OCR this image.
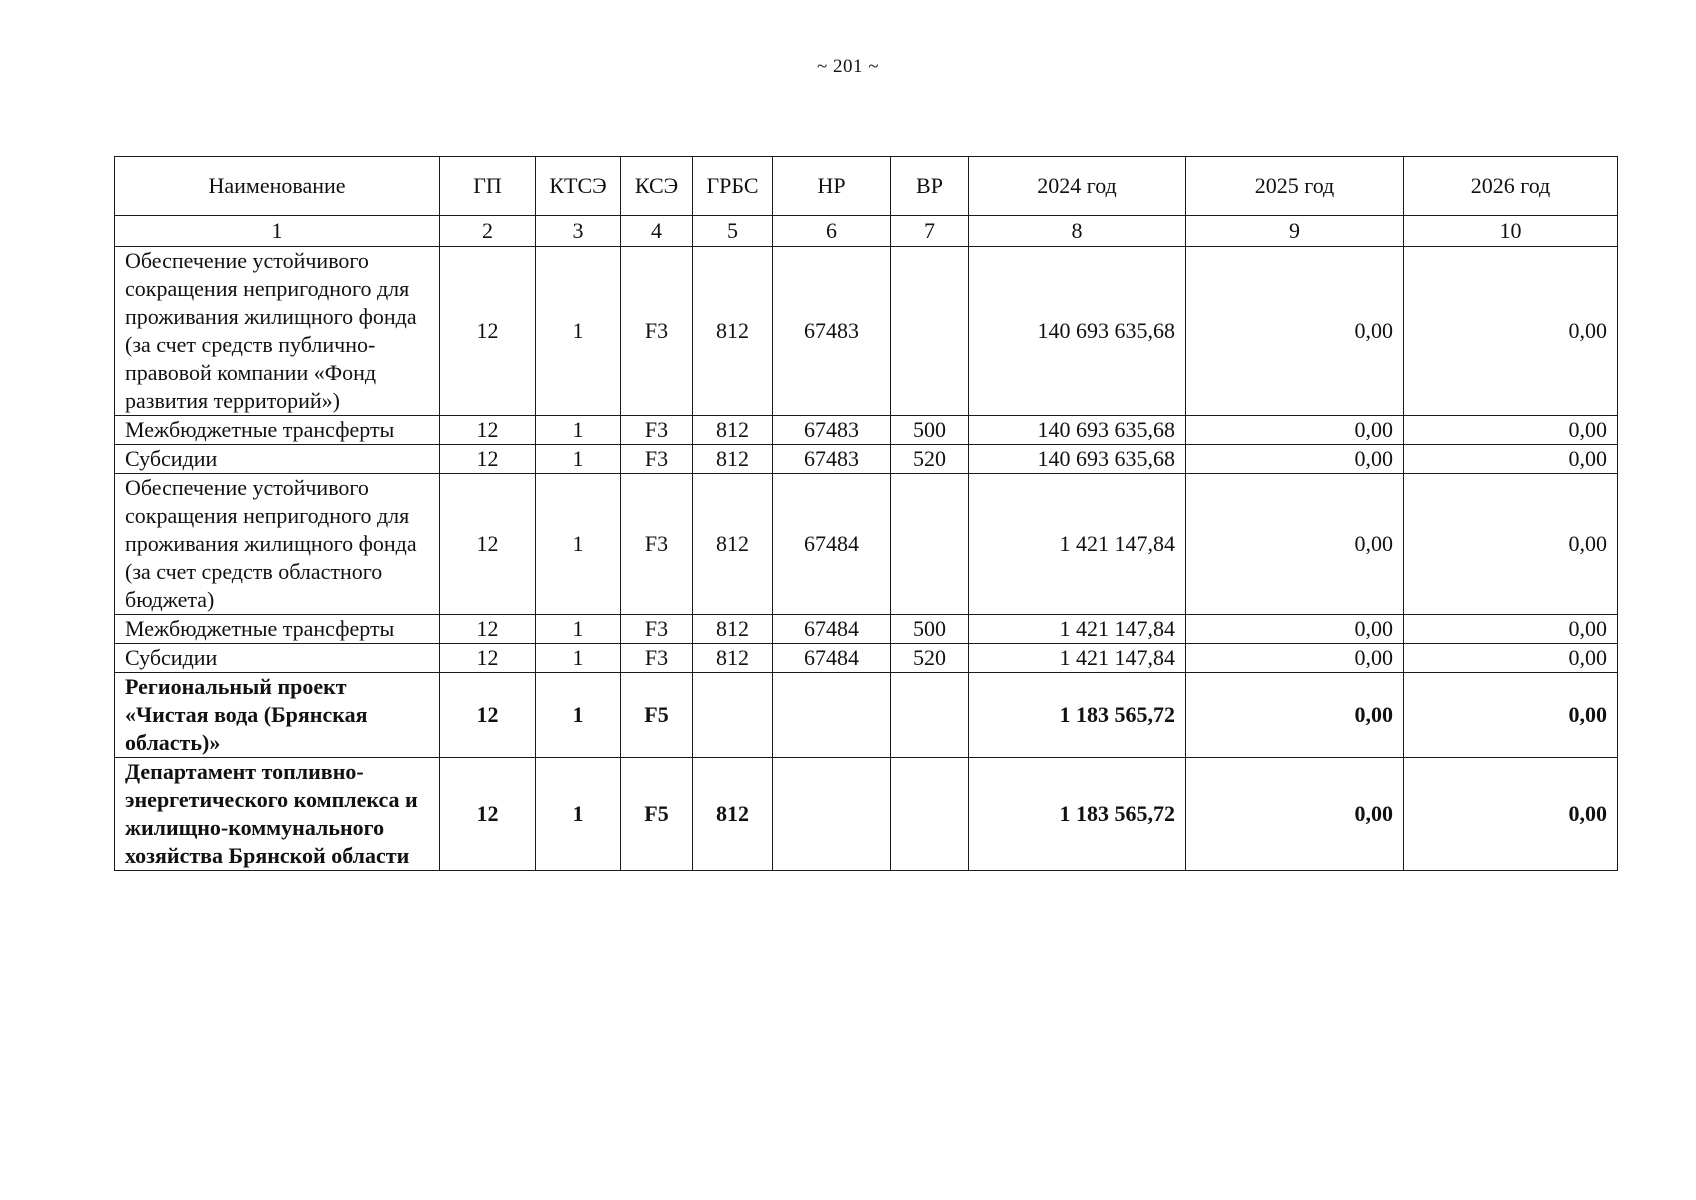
~ 201 ~
Наименование	ГП	КТСЭ	КСЭ	ГРБС	НР	ВР	2024 год	2025 год	2026 год
1	2	3	4	5	6	7	8	9	10
Обеспечение устойчивого сокращения непригодного для проживания жилищного фонда (за счет средств публично-правовой компании «Фонд развития территорий»)	12	1	F3	812	67483		140 693 635,68	0,00	0,00
Межбюджетные трансферты	12	1	F3	812	67483	500	140 693 635,68	0,00	0,00
Субсидии	12	1	F3	812	67483	520	140 693 635,68	0,00	0,00
Обеспечение устойчивого сокращения непригодного для проживания жилищного фонда (за счет средств областного бюджета)	12	1	F3	812	67484		1 421 147,84	0,00	0,00
Межбюджетные трансферты	12	1	F3	812	67484	500	1 421 147,84	0,00	0,00
Субсидии	12	1	F3	812	67484	520	1 421 147,84	0,00	0,00
Региональный проект «Чистая вода (Брянская область)»	12	1	F5				1 183 565,72	0,00	0,00
Департамент топливно-энергетического комплекса и жилищно-коммунального хозяйства Брянской области	12	1	F5	812			1 183 565,72	0,00	0,00
